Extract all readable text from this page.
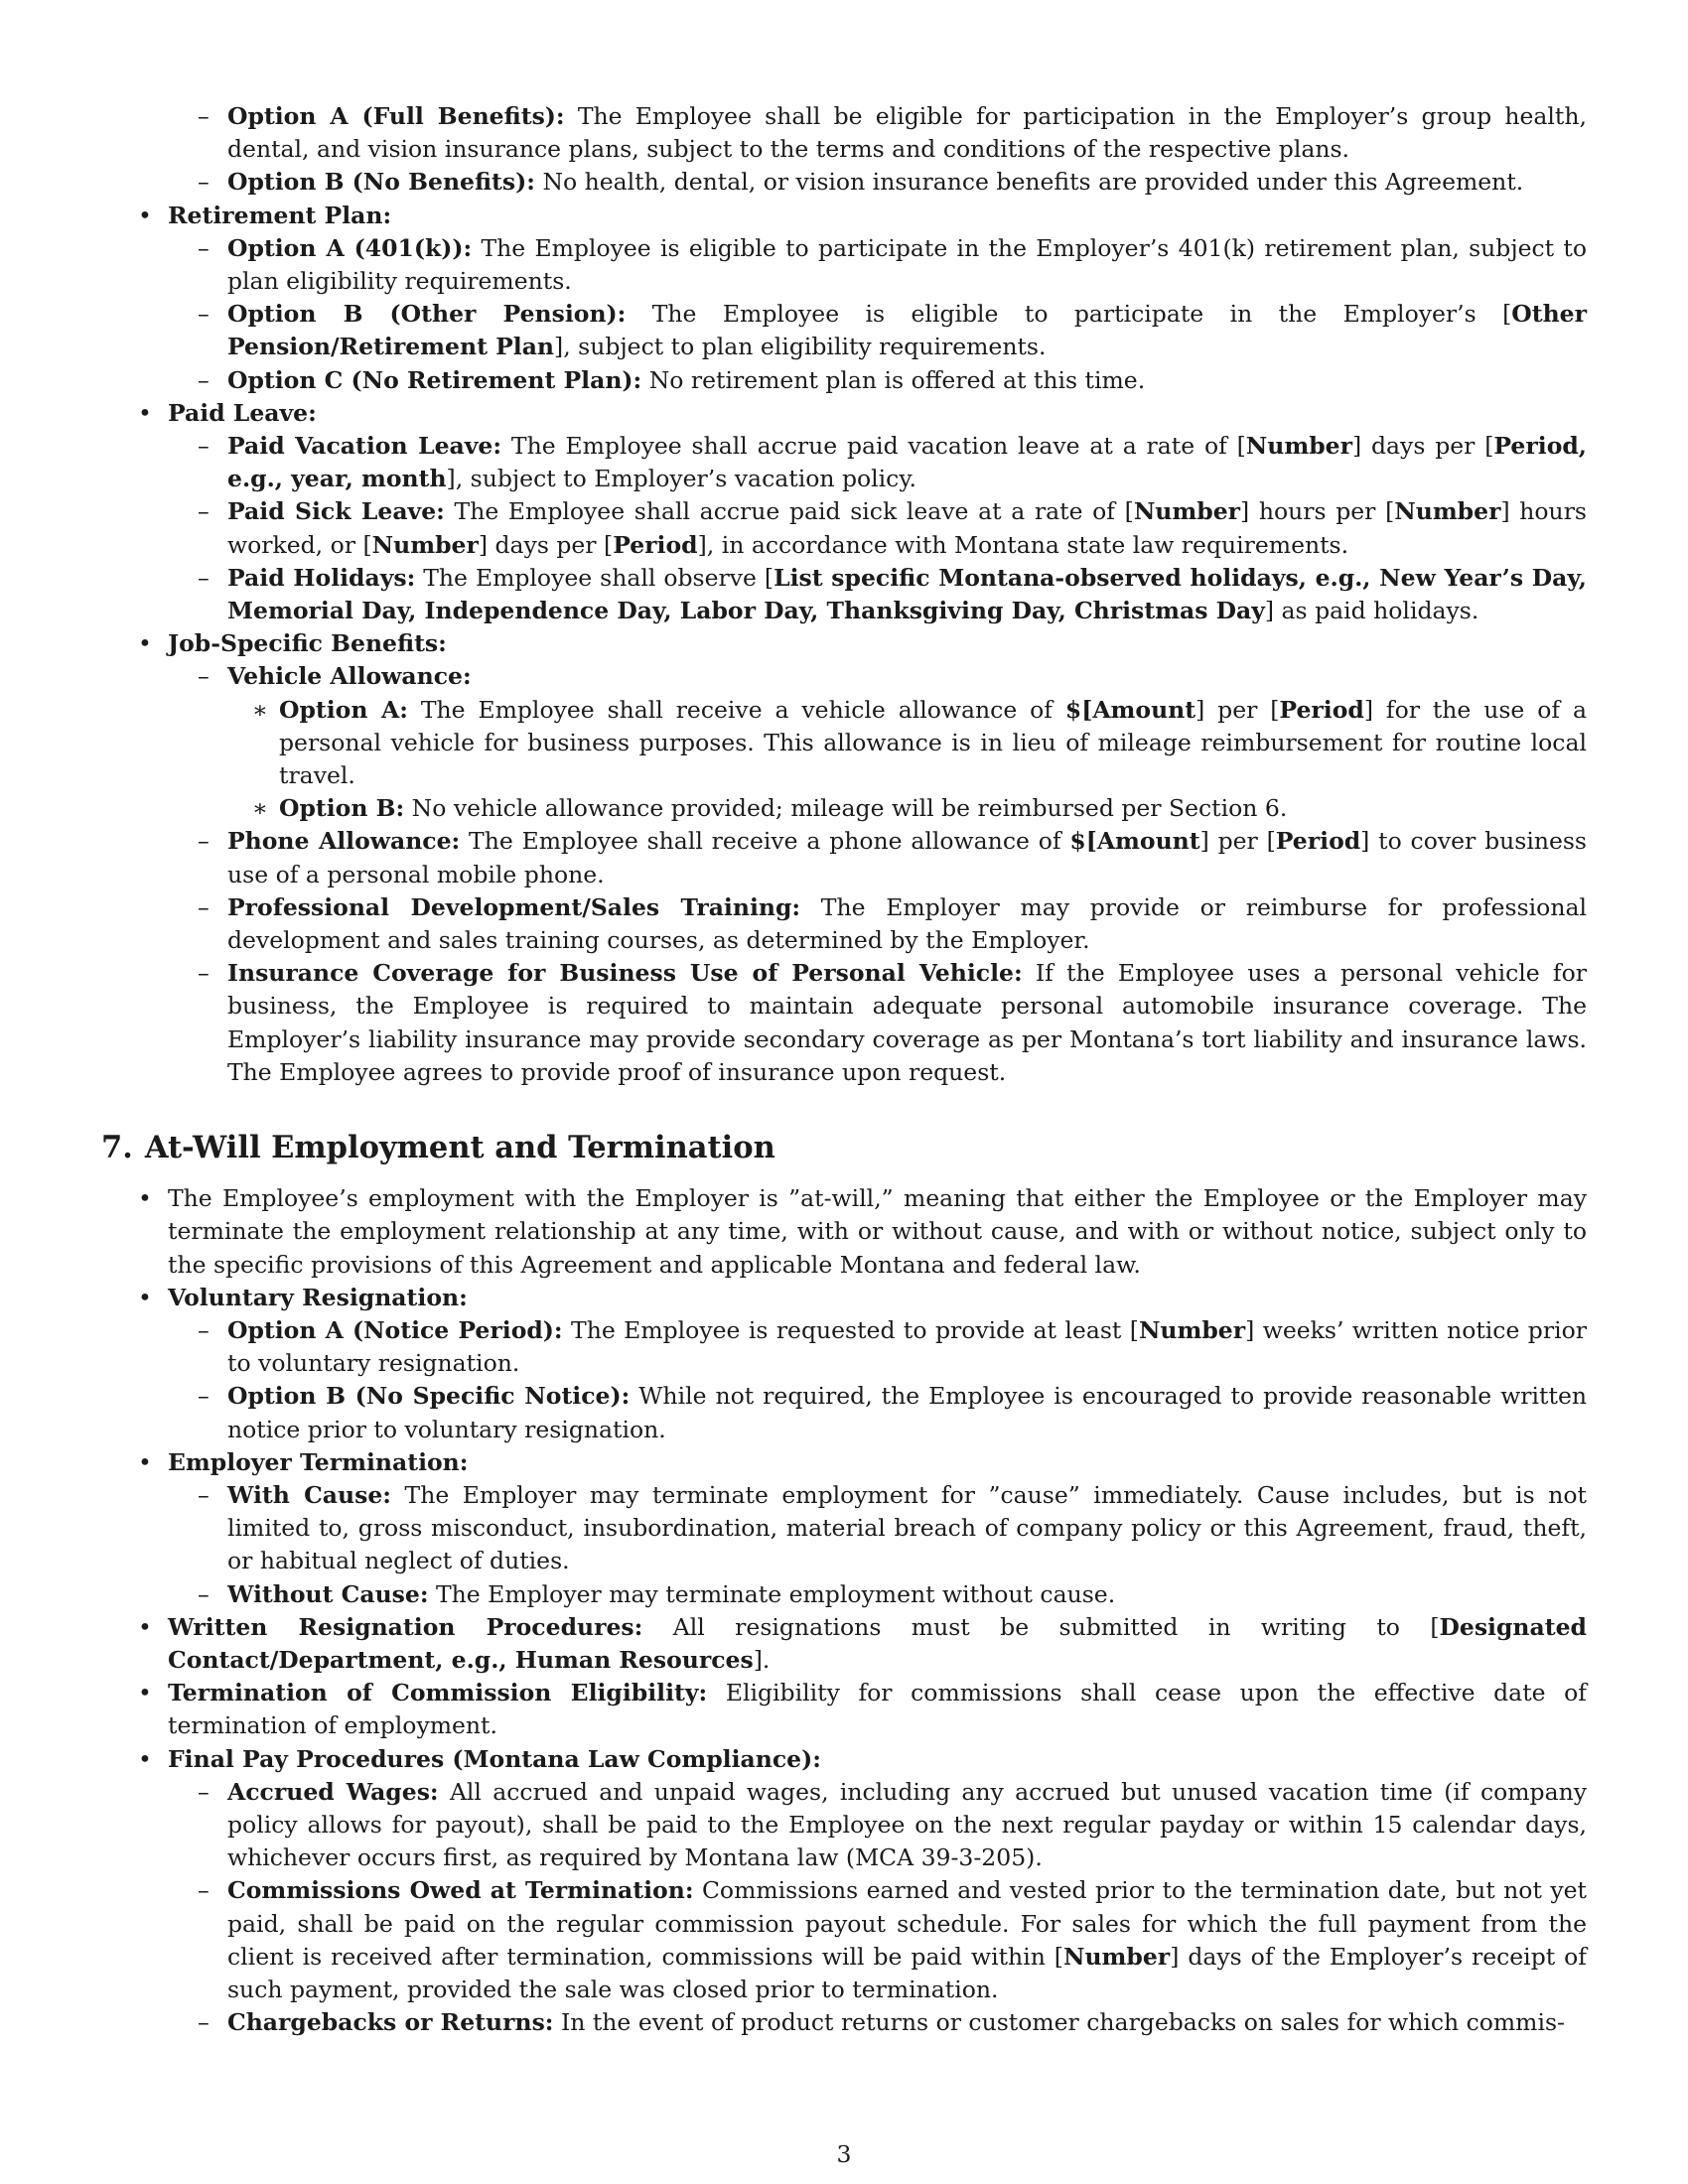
– Option A (Full Benefits): The Employee shall be eligible for participation in the Employer’s group health, dental, and vision insurance plans, subject to the terms and conditions of the respective plans.
– Option B (No Benefits): No health, dental, or vision insurance benefits are provided under this Agreement.
• Retirement Plan:
– Option A (401(k)): The Employee is eligible to participate in the Employer’s 401(k) retirement plan, subject to plan eligibility requirements.
– Option B (Other Pension): The Employee is eligible to participate in the Employer’s [Other Pension/Retirement Plan], subject to plan eligibility requirements.
– Option C (No Retirement Plan): No retirement plan is offered at this time.
• Paid Leave:
– Paid Vacation Leave: The Employee shall accrue paid vacation leave at a rate of [Number] days per [Period, e.g., year, month], subject to Employer’s vacation policy.
– Paid Sick Leave: The Employee shall accrue paid sick leave at a rate of [Number] hours per [Number] hours worked, or [Number] days per [Period], in accordance with Montana state law requirements.
– Paid Holidays: The Employee shall observe [List specific Montana-observed holidays, e.g., New Year’s Day, Memorial Day, Independence Day, Labor Day, Thanksgiving Day, Christmas Day] as paid holidays.
• Job-Specific Benefits:
– Vehicle Allowance:
∗ Option A: The Employee shall receive a vehicle allowance of $[Amount] per [Period] for the use of a personal vehicle for business purposes. This allowance is in lieu of mileage reimbursement for routine local travel.
∗ Option B: No vehicle allowance provided; mileage will be reimbursed per Section 6.
– Phone Allowance: The Employee shall receive a phone allowance of $[Amount] per [Period] to cover business use of a personal mobile phone.
– Professional Development/Sales Training: The Employer may provide or reimburse for professional development and sales training courses, as determined by the Employer.
– Insurance Coverage for Business Use of Personal Vehicle: If the Employee uses a personal vehicle for business, the Employee is required to maintain adequate personal automobile insurance coverage. The Employer’s liability insurance may provide secondary coverage as per Montana’s tort liability and insurance laws. The Employee agrees to provide proof of insurance upon request.
7. At-Will Employment and Termination
• The Employee’s employment with the Employer is ”at-will,” meaning that either the Employee or the Employer may terminate the employment relationship at any time, with or without cause, and with or without notice, subject only to the specific provisions of this Agreement and applicable Montana and federal law.
• Voluntary Resignation:
– Option A (Notice Period): The Employee is requested to provide at least [Number] weeks’ written notice prior to voluntary resignation.
– Option B (No Specific Notice): While not required, the Employee is encouraged to provide reasonable written notice prior to voluntary resignation.
• Employer Termination:
– With Cause: The Employer may terminate employment for ”cause” immediately. Cause includes, but is not limited to, gross misconduct, insubordination, material breach of company policy or this Agreement, fraud, theft, or habitual neglect of duties.
– Without Cause: The Employer may terminate employment without cause.
• Written Resignation Procedures: All resignations must be submitted in writing to [Designated Contact/Department, e.g., Human Resources].
• Termination of Commission Eligibility: Eligibility for commissions shall cease upon the effective date of termination of employment.
• Final Pay Procedures (Montana Law Compliance):
– Accrued Wages: All accrued and unpaid wages, including any accrued but unused vacation time (if company policy allows for payout), shall be paid to the Employee on the next regular payday or within 15 calendar days, whichever occurs first, as required by Montana law (MCA 39-3-205).
– Commissions Owed at Termination: Commissions earned and vested prior to the termination date, but not yet paid, shall be paid on the regular commission payout schedule. For sales for which the full payment from the client is received after termination, commissions will be paid within [Number] days of the Employer’s receipt of such payment, provided the sale was closed prior to termination.
– Chargebacks or Returns: In the event of product returns or customer chargebacks on sales for which commis-
3
